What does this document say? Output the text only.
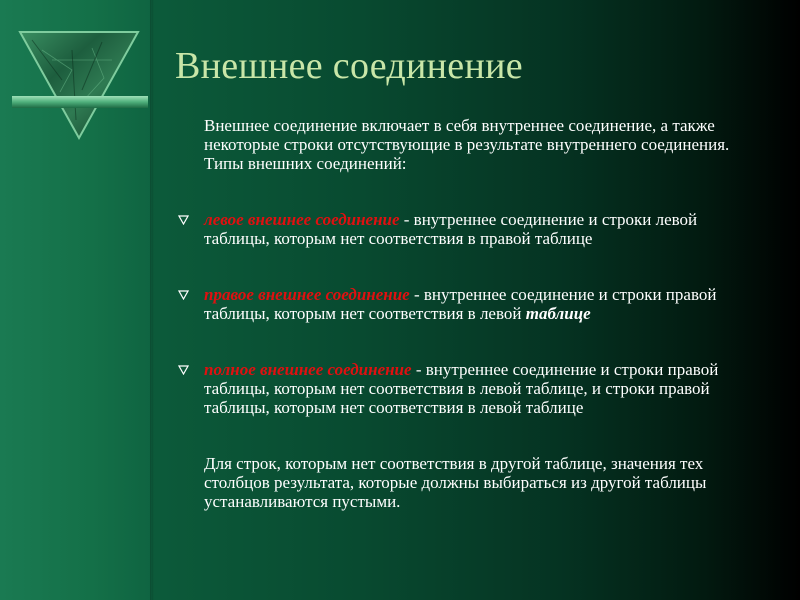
Внешнее соединение

Внешнее соединение включает в себя внутреннее соединение, а также некоторые строки отсутствующие в результате внутреннего соединения. Типы внешних соединений:

левое внешнее соединение - внутреннее соединение и строки левой таблицы, которым нет соответствия в правой таблице

правое внешнее соединение - внутреннее соединение и строки правой таблицы, которым нет соответствия в левой таблице

полное внешнее соединение - внутреннее соединение и строки правой таблицы, которым нет соответствия в левой таблице, и строки правой таблицы, которым нет соответствия в левой таблице

Для строк, которым нет соответствия в другой таблице, значения тех столбцов результата, которые должны выбираться из другой таблицы устанавливаются пустыми.
